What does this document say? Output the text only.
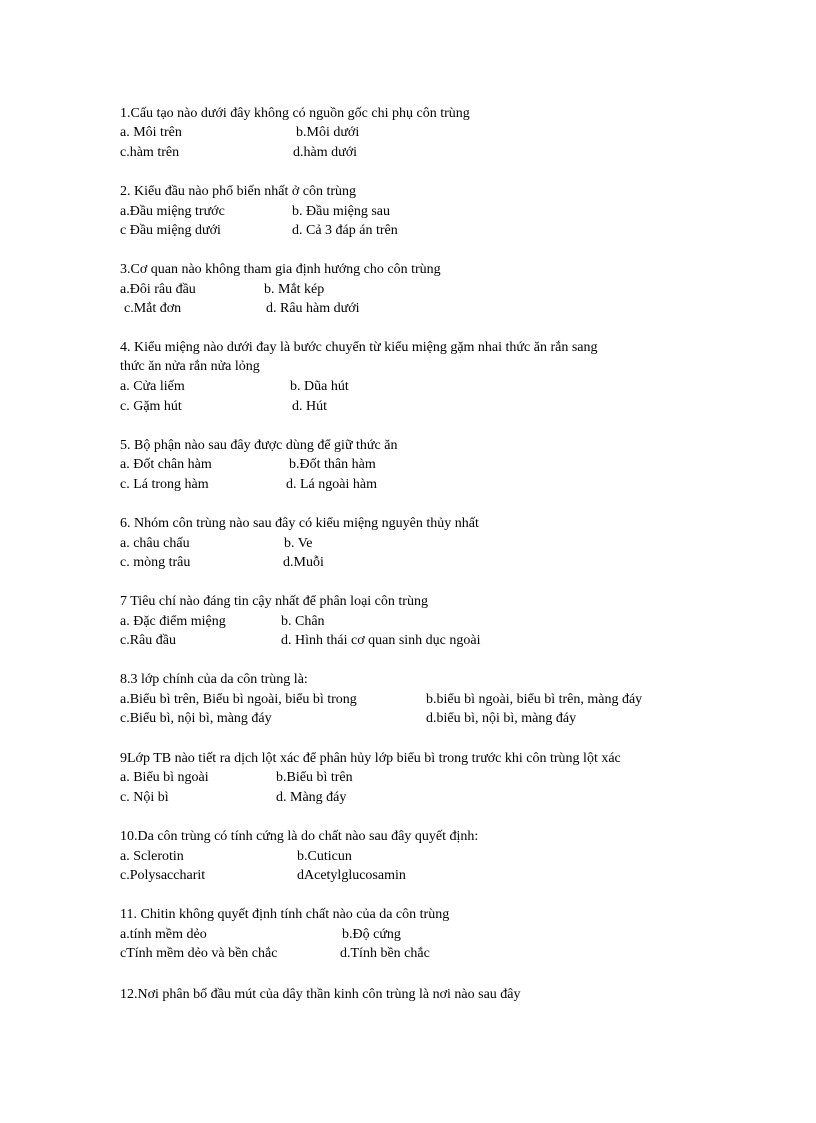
1.Cấu tạo nào dưới đây không có nguồn gốc chi phụ côn trùng
a. Môi trên	b.Môi dưới
c.hàm trên	d.hàm dưới
2. Kiểu đầu nào phổ biến nhất ở côn trùng
a.Đầu miệng trước	b. Đầu miệng sau
c Đầu miệng dưới	d. Cả 3 đáp án trên
3.Cơ quan nào không tham gia định hướng cho côn trùng
a.Đôi râu đầu	b. Mắt kép
c.Mắt đơn	d. Râu hàm dưới
4. Kiểu miệng nào dưới đay là bước chuyển từ kiểu miệng gặm nhai thức ăn rắn sang
thức ăn nửa rắn nửa lỏng
a. Cửa liếm	b. Dũa hút
c. Gặm hút	d. Hút
5. Bộ phận nào sau đây được dùng để giữ thức ăn
a. Đốt chân hàm	b.Đốt thân hàm
c. Lá trong hàm	d. Lá ngoài hàm
6. Nhóm côn trùng nào sau đây có kiểu miệng nguyên thủy nhất
a. châu chấu	b. Ve
c. mòng trâu	d.Muỗi
7 Tiêu chí nào đáng tin cậy nhất để phân loại côn trùng
a. Đặc điểm miệng	b. Chân
c.Râu đầu	d. Hình thái cơ quan sinh dục ngoài
8.3 lớp chính của da côn trùng là:
a.Biểu bì trên, Biểu bì ngoài, biểu bì trong	b.biểu bì ngoài, biểu bì trên, màng đáy
c.Biểu bì, nội bì, màng đáy	d.biểu bì, nội bì, màng đáy
9Lớp TB nào tiết ra dịch lột xác để phân hủy lớp biểu bì trong trước khi côn trùng lột xác
a. Biểu bì ngoài	b.Biểu bì trên
c. Nội bì	d. Màng đáy
10.Da côn trùng có tính cứng là do chất nào sau đây quyết định:
a. Sclerotin	b.Cuticun
c.Polysaccharit	dAcetylglucosamin
11. Chitin không quyết định tính chất nào của da côn trùng
a.tính mềm dẻo	b.Độ cứng
cTính mềm dẻo và bền chắc	d.Tính bền chắc
12.Nơi phân bố đầu mút của dây thần kinh côn trùng là nơi nào sau đây
